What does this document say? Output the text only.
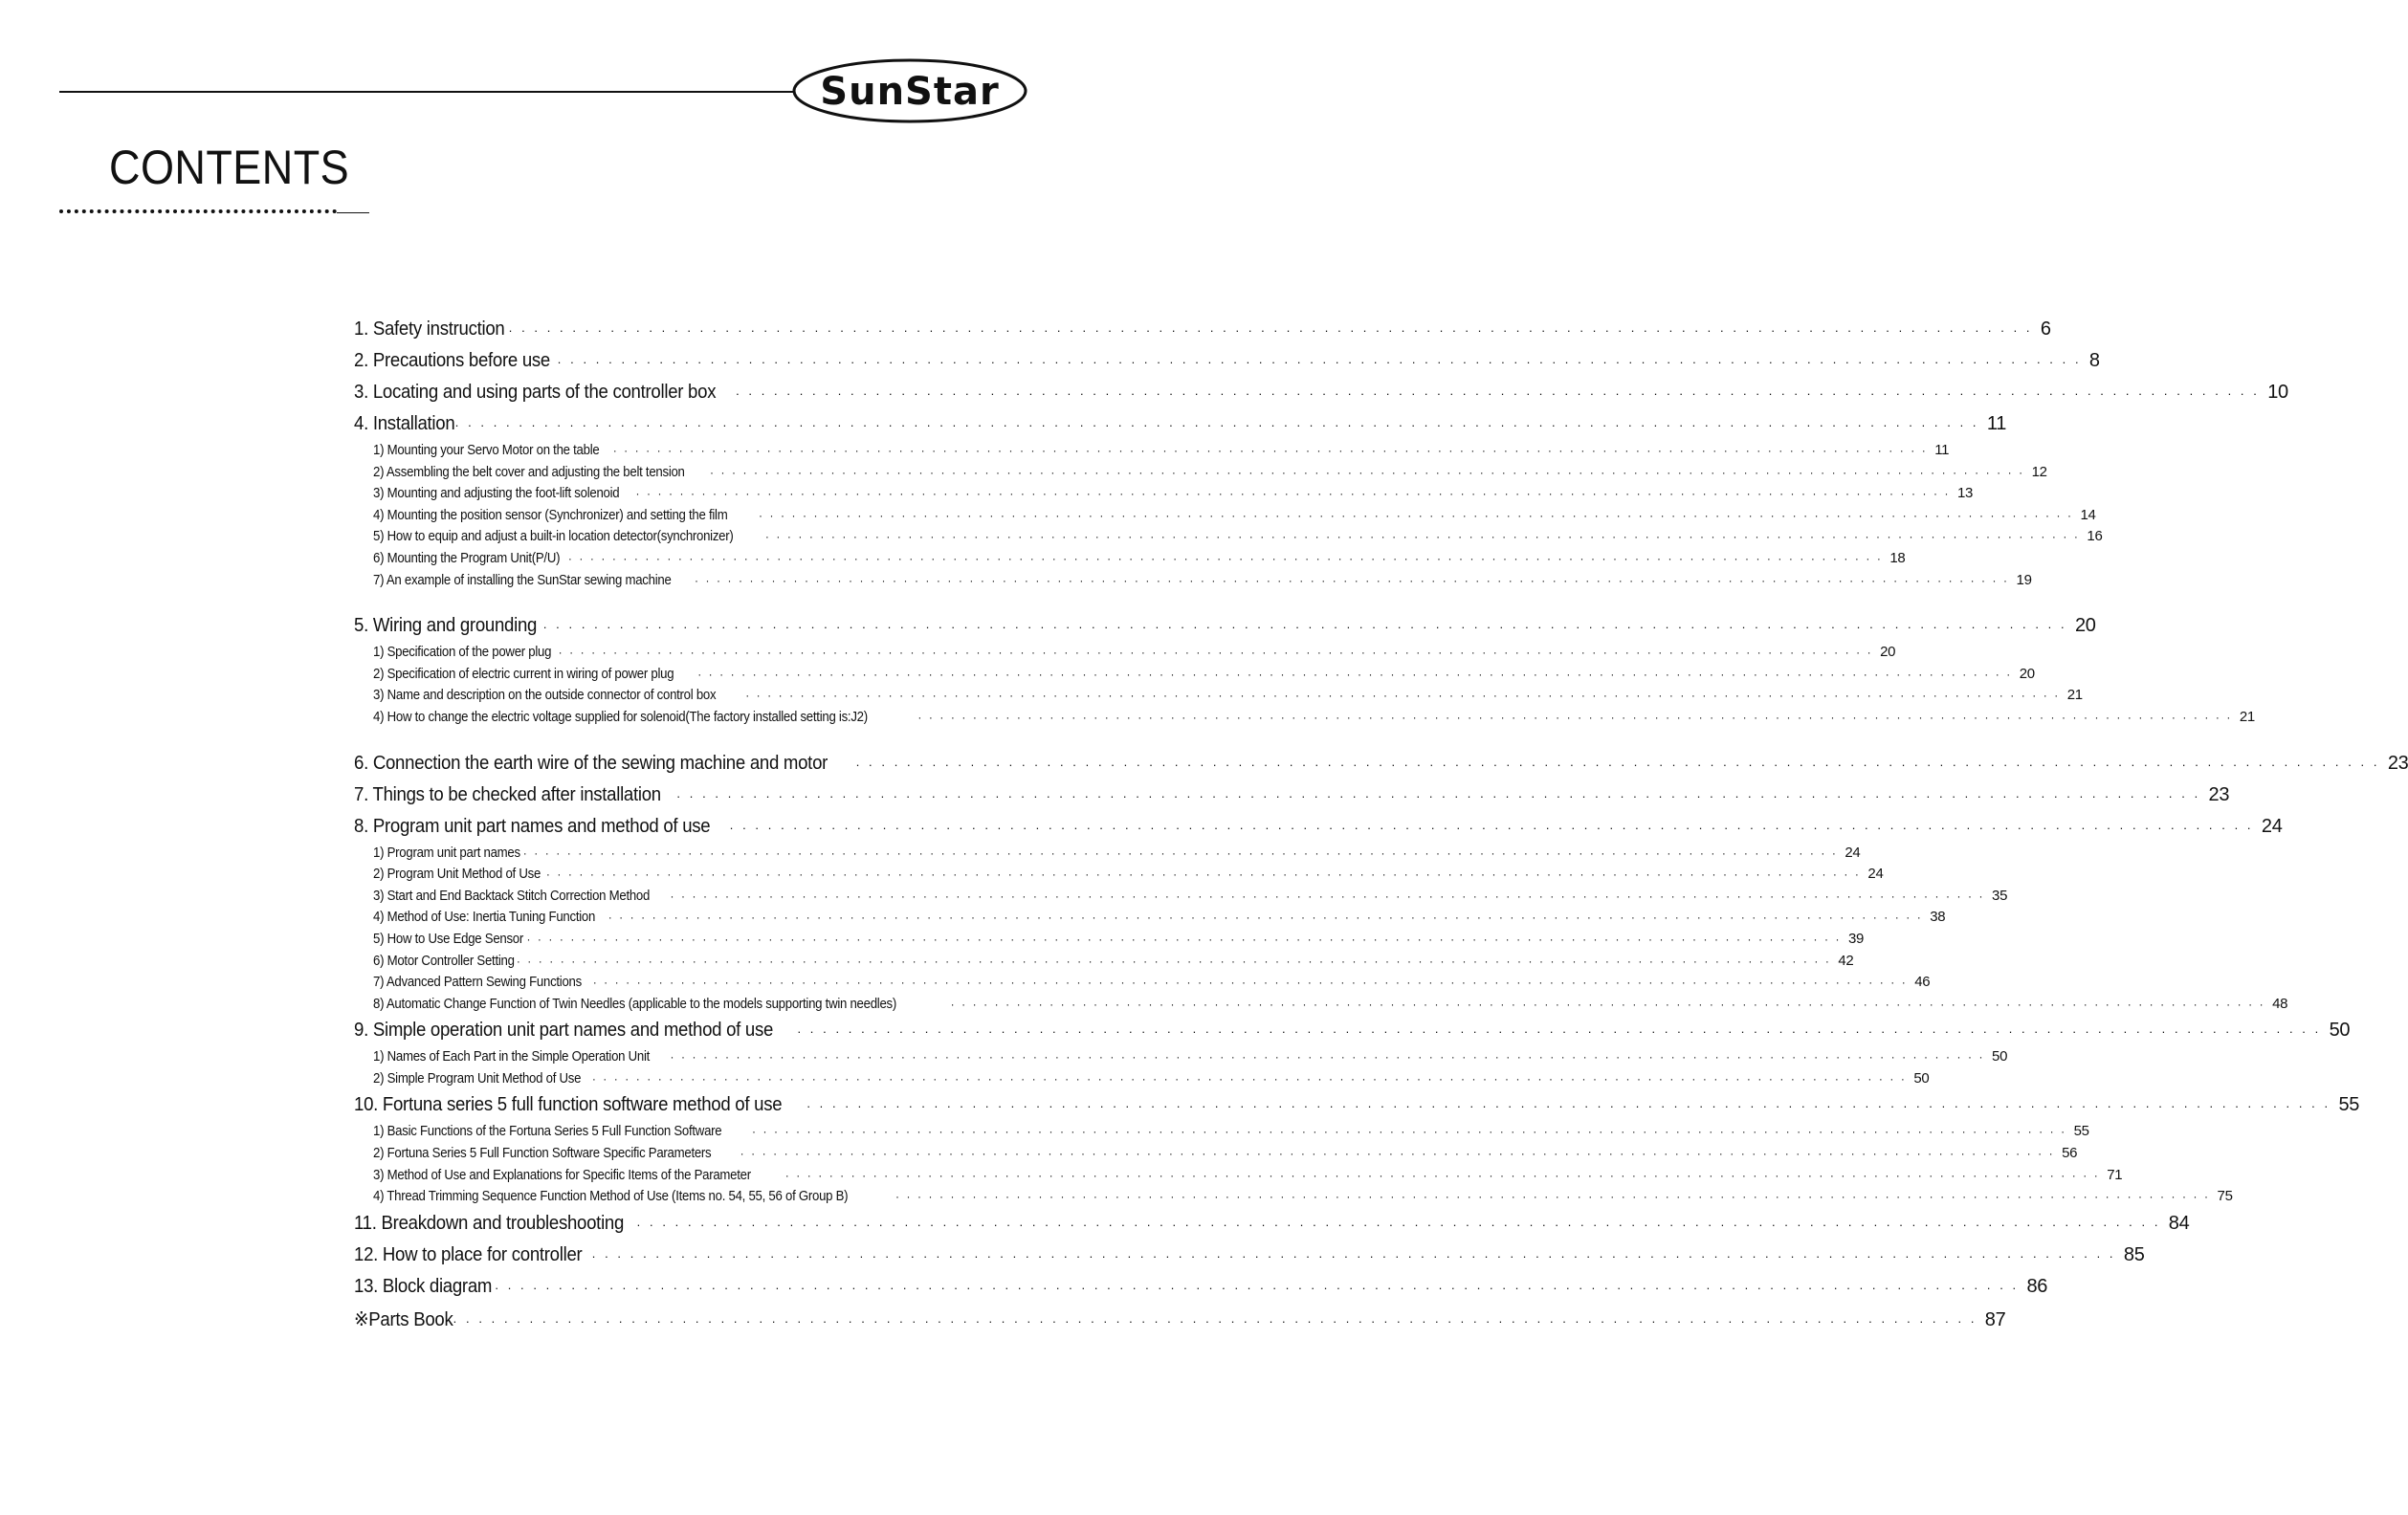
SunStar
CONTENTS
1. Safety instruction ························································································································ 6
2. Precautions before use ························································································································ 8
3. Locating and using parts of the controller box ························································································································ 10
4. Installation ························································································································ 11
1) Mounting your Servo Motor on the table ························································································································ 11
2) Assembling the belt cover and adjusting the belt tension ························································································································ 12
3) Mounting and adjusting the foot-lift solenoid ························································································································ 13
4) Mounting the position sensor (Synchronizer) and setting the film	························································································································ 14
5) How to equip and adjust a built-in location detector(synchronizer)	························································································································ 16
6) Mounting the Program Unit(P/U) ························································································································ 18
7) An example of installing the SunStar sewing machine ························································································································ 19
5. Wiring and grounding ························································································································ 20
1) Specification of the power plug ························································································································ 20
2) Specification of electric current in wiring of power plug ························································································································ 20
3) Name and description on the outside connector of control box	························································································································ 21
4) How to change the electric voltage supplied for solenoid(The factory installed setting is:J2)	························································································································ 21
6. Connection the earth wire of the sewing machine and motor ························································································································ 23
7. Things to be checked after installation ························································································································ 23
8. Program unit part names and method of use ························································································································ 24
1) Program unit part names ························································································································ 24
2) Program Unit Method of Use ························································································································ 24
3) Start and End Backtack Stitch Correction Method ························································································································ 35
4) Method of Use: Inertia Tuning Function ························································································································ 38
5) How to Use Edge Sensor ························································································································ 39
6) Motor Controller Setting ························································································································ 42
7) Advanced Pattern Sewing Functions ························································································································ 46
8) Automatic Change Function of Twin Needles (applicable to the models supporting twin needles)	························································································································ 48
9. Simple operation unit part names and method of use ························································································································ 50
1) Names of Each Part in the Simple Operation Unit ························································································································ 50
2) Simple Program Unit Method of Use ························································································································ 50
10. Fortuna series 5 full function software method of use ························································································································ 55
1) Basic Functions of the Fortuna Series 5 Full Function Software	························································································································ 55
2) Fortuna Series 5 Full Function Software Specific Parameters	························································································································ 56
3) Method of Use and Explanations for Specific Items of the Parameter	························································································································ 71
4) Thread Trimming Sequence Function Method of Use (Items no. 54, 55, 56 of Group B)	························································································································ 75
11. Breakdown and troubleshooting ························································································································ 84
12. How to place for controller ························································································································ 85
13. Block diagram ························································································································ 86
※Parts Book ························································································································ 87
